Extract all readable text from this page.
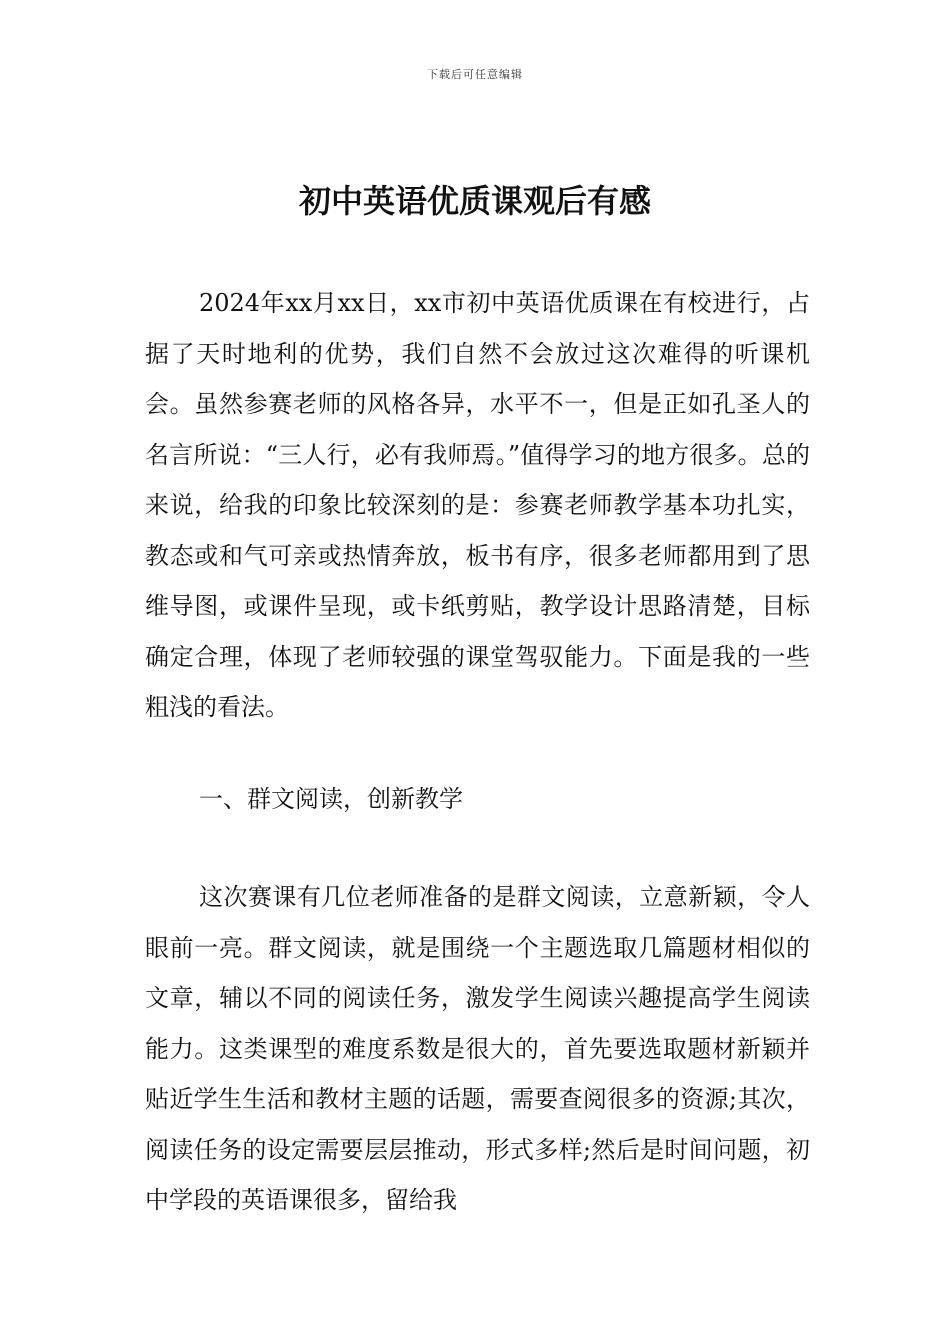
下载后可任意编辑
初中英语优质课观后有感

2024年xx月xx日，xx市初中英语优质课在有校进行，占据了天时地利的优势，我们自然不会放过这次难得的听课机会。虽然参赛老师的风格各异，水平不一，但是正如孔圣人的名言所说：“三人行，必有我师焉。”值得学习的地方很多。总的来说，给我的印象比较深刻的是：参赛老师教学基本功扎实，教态或和气可亲或热情奔放，板书有序，很多老师都用到了思维导图，或课件呈现，或卡纸剪贴，教学设计思路清楚，目标确定合理，体现了老师较强的课堂驾驭能力。下面是我的一些粗浅的看法。

一、群文阅读，创新教学

这次赛课有几位老师准备的是群文阅读，立意新颖，令人眼前一亮。群文阅读，就是围绕一个主题选取几篇题材相似的文章，辅以不同的阅读任务，激发学生阅读兴趣提高学生阅读能力。这类课型的难度系数是很大的，首先要选取题材新颖并贴近学生生活和教材主题的话题，需要查阅很多的资源;其次，阅读任务的设定需要层层推动，形式多样;然后是时间问题，初中学段的英语课很多，留给我
